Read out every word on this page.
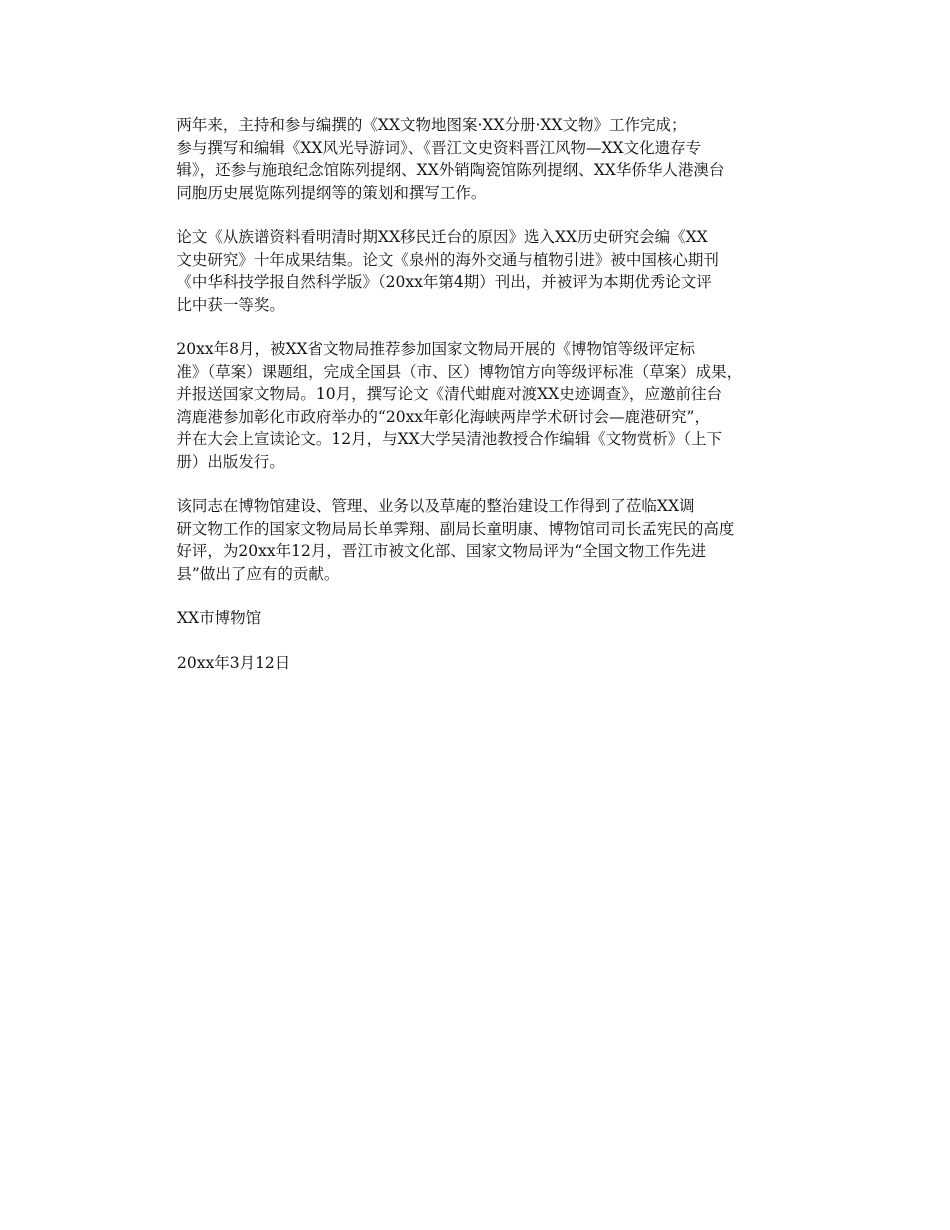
两年来，主持和参与编撰的《XX文物地图案·XX分册·XX文物》工作完成；
参与撰写和编辑《XX风光导游词》、《晋江文史资料晋江风物—XX文化遗存专
辑》，还参与施琅纪念馆陈列提纲、XX外销陶瓷馆陈列提纲、XX华侨华人港澳台
同胞历史展览陈列提纲等的策划和撰写工作。

论文《从族谱资料看明清时期XX移民迁台的原因》选入XX历史研究会编《XX
文史研究》十年成果结集。论文《泉州的海外交通与植物引进》被中国核心期刊
《中华科技学报自然科学版》（20xx年第4期）刊出，并被评为本期优秀论文评
比中获一等奖。

20xx年8月，被XX省文物局推荐参加国家文物局开展的《博物馆等级评定标
准》（草案）课题组，完成全国县（市、区）博物馆方向等级评标准（草案）成果，
并报送国家文物局。10月，撰写论文《清代蚶鹿对渡XX史迹调查》，应邀前往台
湾鹿港参加彰化市政府举办的“20xx年彰化海峡两岸学术研讨会—鹿港研究”，
并在大会上宣读论文。12月，与XX大学吴清池教授合作编辑《文物赏析》（上下
册）出版发行。

该同志在博物馆建设、管理、业务以及草庵的整治建设工作得到了莅临XX调
研文物工作的国家文物局局长单霁翔、副局长童明康、博物馆司司长孟宪民的高度
好评，为20xx年12月，晋江市被文化部、国家文物局评为“全国文物工作先进
县”做出了应有的贡献。

XX市博物馆

20xx年3月12日
